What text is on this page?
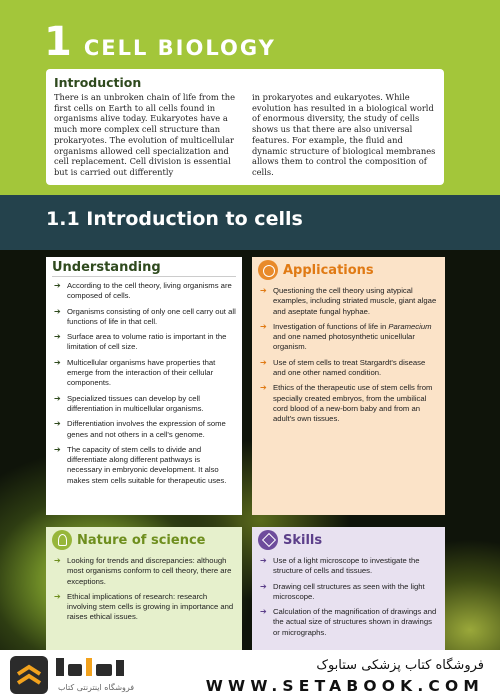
1 CELL BIOLOGY
Introduction

There is an unbroken chain of life from the first cells on Earth to all cells found in organisms alive today. Eukaryotes have a much more complex cell structure than prokaryotes. The evolution of multicellular organisms allowed cell specialization and cell replacement. Cell division is essential but is carried out differently

in prokaryotes and eukaryotes. While evolution has resulted in a biological world of enormous diversity, the study of cells shows us that there are also universal features. For example, the fluid and dynamic structure of biological membranes allows them to control the composition of cells.

1.1 Introduction to cells
Understanding
➔ According to the cell theory, living organisms are composed of cells.
➔ Organisms consisting of only one cell carry out all functions of life in that cell.
➔ Surface area to volume ratio is important in the limitation of cell size.
➔ Multicellular organisms have properties that emerge from the interaction of their cellular components.
➔ Specialized tissues can develop by cell differentiation in multicellular organisms.
➔ Differentiation involves the expression of some genes and not others in a cell's genome.
➔ The capacity of stem cells to divide and differentiate along different pathways is necessary in embryonic development. It also makes stem cells suitable for therapeutic uses.
Applications
➔ Questioning the cell theory using atypical examples, including striated muscle, giant algae and aseptate fungal hyphae.
➔ Investigation of functions of life in Paramecium and one named photosynthetic unicellular organism.
➔ Use of stem cells to treat Stargardt's disease and one other named condition.
➔ Ethics of the therapeutic use of stem cells from specially created embryos, from the umbilical cord blood of a new-born baby and from an adult's own tissues.
Nature of science
➔ Looking for trends and discrepancies: although most organisms conform to cell theory, there are exceptions.
➔ Ethical implications of research: research involving stem cells is growing in importance and raises ethical issues.
Skills
➔ Use of a light microscope to investigate the structure of cells and tissues.
➔ Drawing cell structures as seen with the light microscope.
➔ Calculation of the magnification of drawings and the actual size of structures shown in drawings or micrographs.
فروشگاه کتاب پزشکی ستابوک
WWW.SETABOOK.COM
فروشگاه اینترنتی کتاب
